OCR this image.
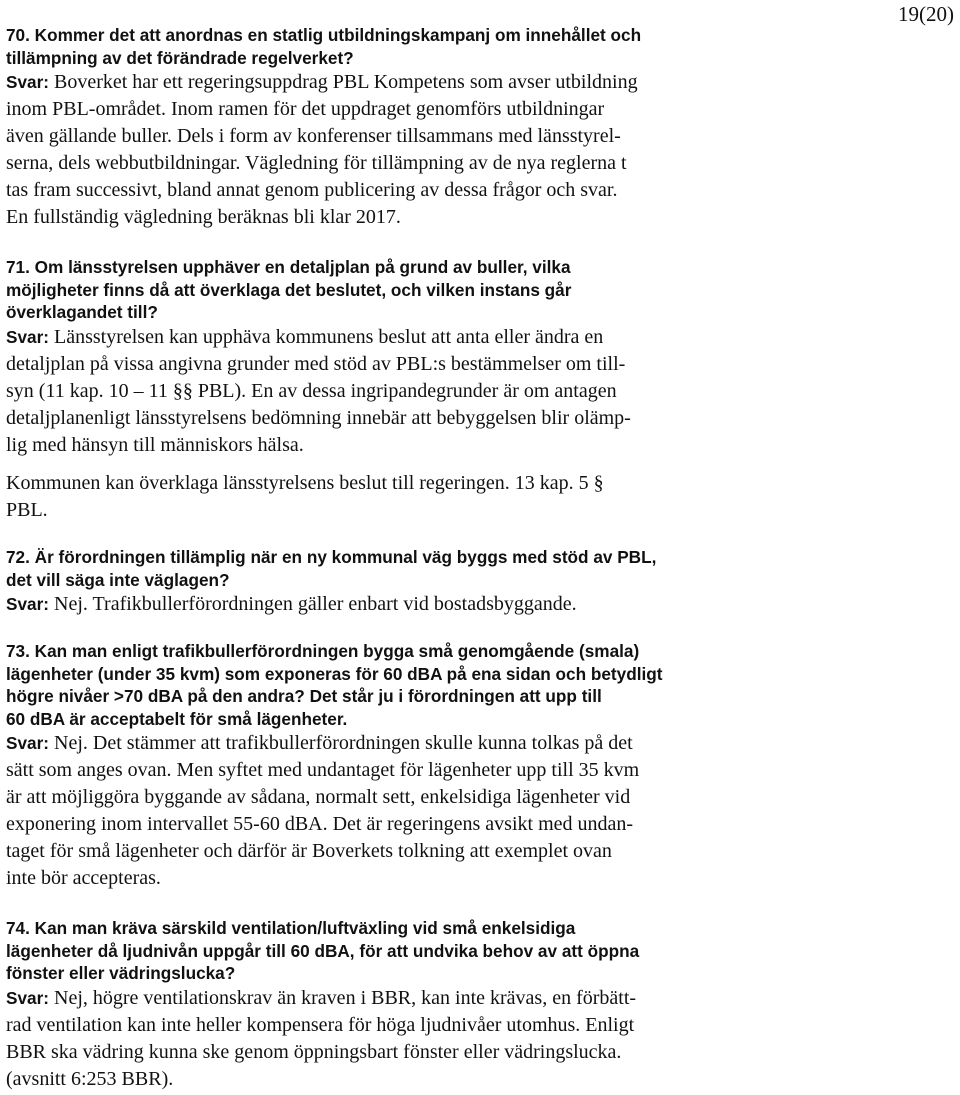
19(20)

70. Kommer det att anordnas en statlig utbildningskampanj om innehållet och
tillämpning av det förändrade regelverket?

Svar: Boverket har ett regeringsuppdrag PBL Kompetens som avser utbildning
inom PBL-området. Inom ramen för det uppdraget genomförs utbildningar
även gällande buller. Dels i form av konferenser tillsammans med länsstyrel-
serna, dels webbutbildningar. Vägledning för tillämpning av de nya reglerna t
tas fram successivt, bland annat genom publicering av dessa frågor och svar.
En fullständig vägledning beräknas bli klar 2017.

71. Om länsstyrelsen upphäver en detaljplan på grund av buller, vilka
möjligheter finns då att överklaga det beslutet, och vilken instans går
överklagandet till?

Svar: Länsstyrelsen kan upphäva kommunens beslut att anta eller ändra en
detaljplan på vissa angivna grunder med stöd av PBL:s bestämmelser om till-
syn (11 kap. 10 – 11 §§ PBL). En av dessa ingripandegrunder är om antagen
detaljplanenligt länsstyrelsens bedömning innebär att bebyggelsen blir olämp-
lig med hänsyn till människors hälsa.

Kommunen kan överklaga länsstyrelsens beslut till regeringen. 13 kap. 5 §
PBL.

72. Är förordningen tillämplig när en ny kommunal väg byggs med stöd av PBL,
det vill säga inte väglagen?

Svar: Nej. Trafikbullerförordningen gäller enbart vid bostadsbyggande.

73. Kan man enligt trafikbullerförordningen bygga små genomgående (smala)
lägenheter (under 35 kvm) som exponeras för 60 dBA på ena sidan och betydligt
högre nivåer >70 dBA på den andra? Det står ju i förordningen att upp till
60 dBA är acceptabelt för små lägenheter.

Svar: Nej. Det stämmer att trafikbullerförordningen skulle kunna tolkas på det
sätt som anges ovan. Men syftet med undantaget för lägenheter upp till 35 kvm
är att möjliggöra byggande av sådana, normalt sett, enkelsidiga lägenheter vid
exponering inom intervallet 55-60 dBA. Det är regeringens avsikt med undan-
taget för små lägenheter och därför är Boverkets tolkning att exemplet ovan
inte bör accepteras.

74. Kan man kräva särskild ventilation/luftväxling vid små enkelsidiga
lägenheter då ljudnivån uppgår till 60 dBA, för att undvika behov av att öppna
fönster eller vädringslucka?

Svar: Nej, högre ventilationskrav än kraven i BBR, kan inte krävas, en förbätt-
rad ventilation kan inte heller kompensera för höga ljudnivåer utomhus. Enligt
BBR ska vädring kunna ske genom öppningsbart fönster eller vädringslucka.
(avsnitt 6:253 BBR).
